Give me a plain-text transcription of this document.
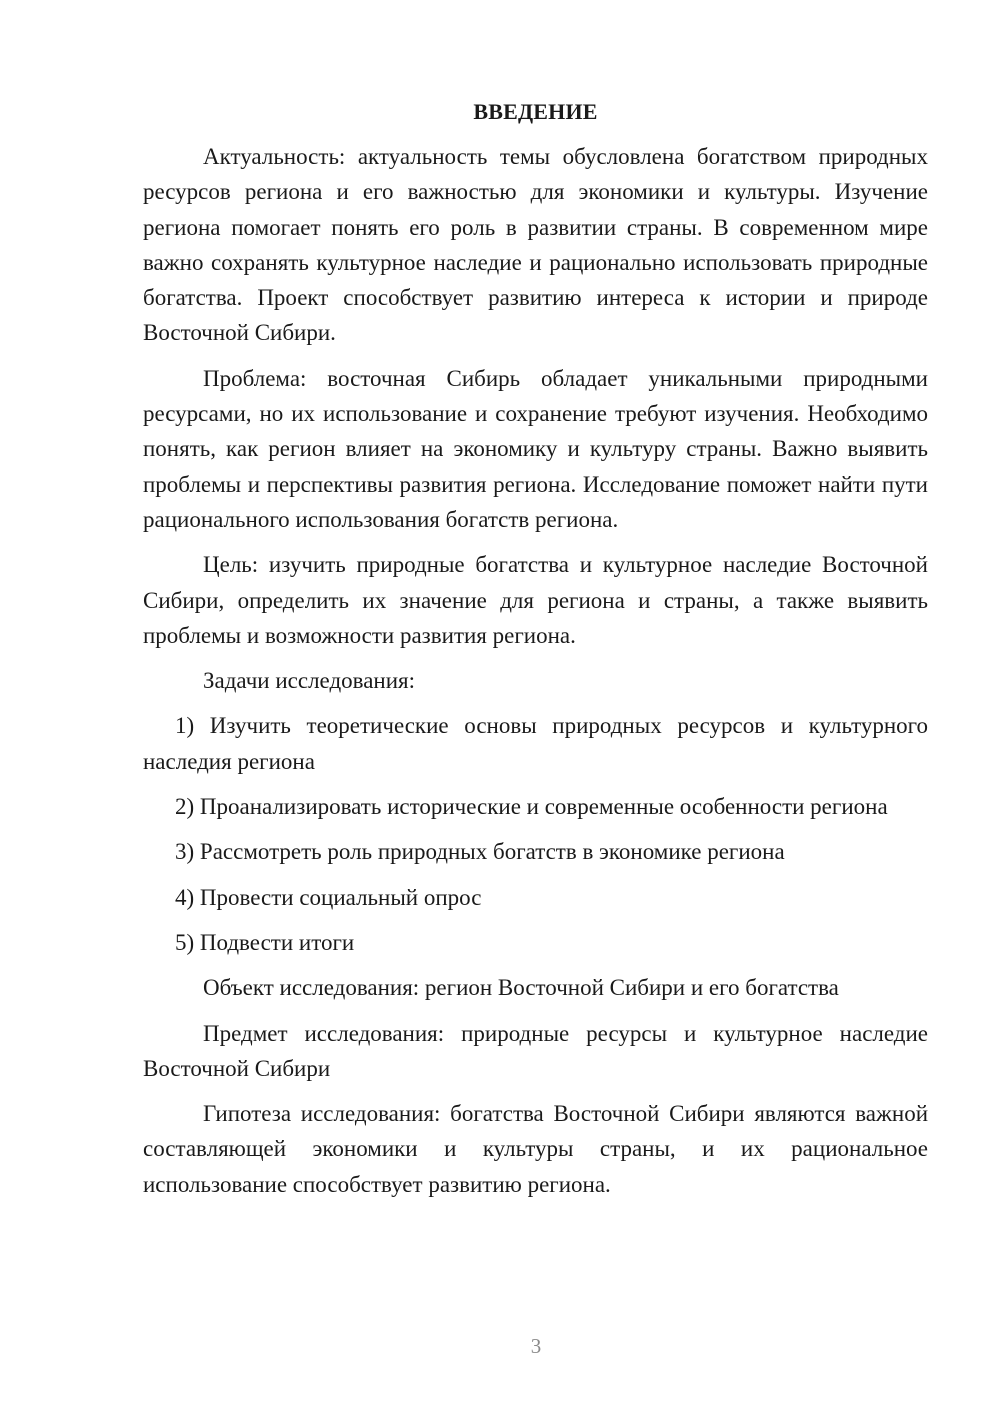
ВВЕДЕНИЕ
Актуальность: актуальность темы обусловлена богатством природных ресурсов региона и его важностью для экономики и культуры. Изучение региона помогает понять его роль в развитии страны. В современном мире важно сохранять культурное наследие и рационально использовать природные богатства. Проект способствует развитию интереса к истории и природе Восточной Сибири.
Проблема: восточная Сибирь обладает уникальными природными ресурсами, но их использование и сохранение требуют изучения. Необходимо понять, как регион влияет на экономику и культуру страны. Важно выявить проблемы и перспективы развития региона. Исследование поможет найти пути рационального использования богатств региона.
Цель: изучить природные богатства и культурное наследие Восточной Сибири, определить их значение для региона и страны, а также выявить проблемы и возможности развития региона.
Задачи исследования:
1) Изучить теоретические основы природных ресурсов и культурного наследия региона
2) Проанализировать исторические и современные особенности региона
3) Рассмотреть роль природных богатств в экономике региона
4) Провести социальный опрос
5) Подвести итоги
Объект исследования: регион Восточной Сибири и его богатства
Предмет исследования: природные ресурсы и культурное наследие Восточной Сибири
Гипотеза исследования: богатства Восточной Сибири являются важной составляющей экономики и культуры страны, и их рациональное использование способствует развитию региона.
3
